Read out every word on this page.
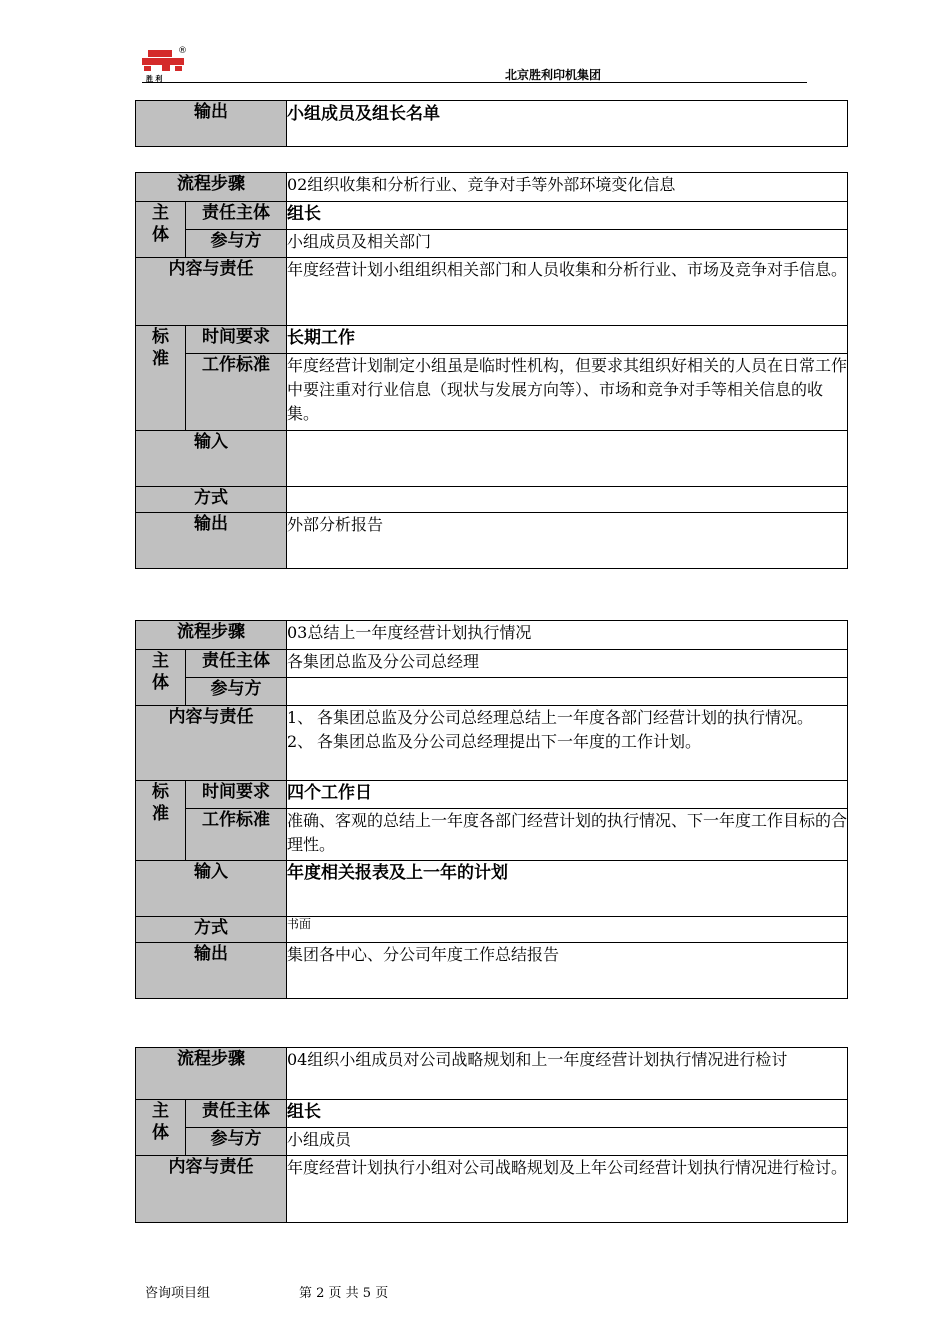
胜 利
®
北京胜利印机集团
输出	小组成员及组长名单
流程步骤		02组织收集和分析行业、竞争对手等外部环境变化信息
主
体	责任主体	组长
	参与方	小组成员及相关部门
内容与责任		年度经营计划小组组织相关部门和人员收集和分析行业、市场及竞争对手信息。
标
准	时间要求	长期工作
	工作标准	年度经营计划制定小组虽是临时性机构，但要求其组织好相关的人员在日常工作中要注重对行业信息（现状与发展方向等）、市场和竞争对手等相关信息的收集。
输入		
方式		
输出		外部分析报告
流程步骤		03总结上一年度经营计划执行情况
主
体	责任主体	各集团总监及分公司总经理
	参与方	
内容与责任		1、 各集团总监及分公司总经理总结上一年度各部门经营计划的执行情况。
2、 各集团总监及分公司总经理提出下一年度的工作计划。

标
准	时间要求	四个工作日
	工作标准	准确、客观的总结上一年度各部门经营计划的执行情况、下一年度工作目标的合理性。
输入		年度相关报表及上一年的计划
方式		书面
输出		集团各中心、分公司年度工作总结报告
流程步骤		04组织小组成员对公司战略规划和上一年度经营计划执行情况进行检讨
主
体	责任主体	组长
	参与方	小组成员
内容与责任		年度经营计划执行小组对公司战略规划及上年公司经营计划执行情况进行检讨。
咨询项目组	第 2 页 共 5 页
